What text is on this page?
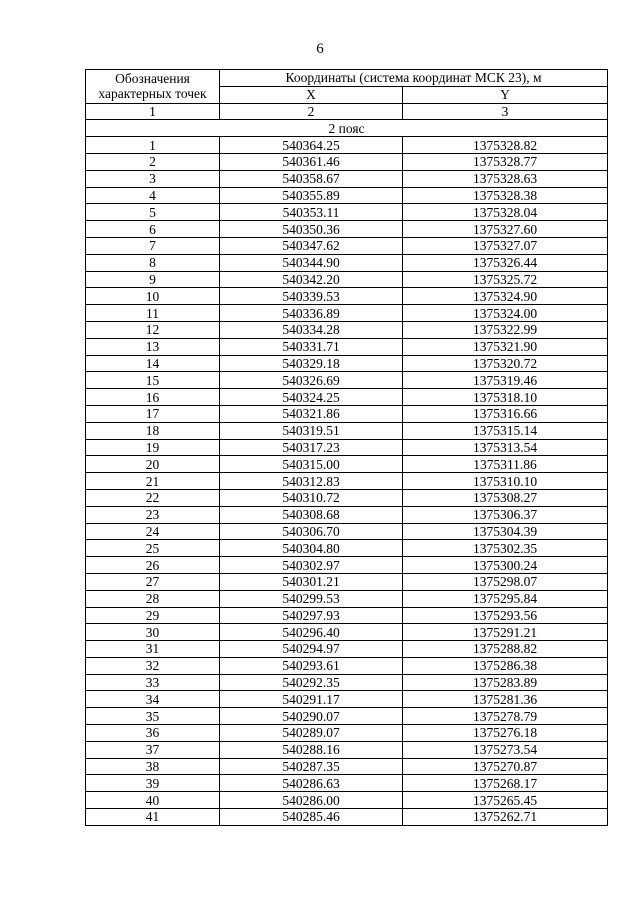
6
Обозначения характерных точек	Координаты (система координат МСК 23), м	
	X	Y
1	2	3
2 пояс		
1	540364.25	1375328.82
2	540361.46	1375328.77
3	540358.67	1375328.63
4	540355.89	1375328.38
5	540353.11	1375328.04
6	540350.36	1375327.60
7	540347.62	1375327.07
8	540344.90	1375326.44
9	540342.20	1375325.72
10	540339.53	1375324.90
11	540336.89	1375324.00
12	540334.28	1375322.99
13	540331.71	1375321.90
14	540329.18	1375320.72
15	540326.69	1375319.46
16	540324.25	1375318.10
17	540321.86	1375316.66
18	540319.51	1375315.14
19	540317.23	1375313.54
20	540315.00	1375311.86
21	540312.83	1375310.10
22	540310.72	1375308.27
23	540308.68	1375306.37
24	540306.70	1375304.39
25	540304.80	1375302.35
26	540302.97	1375300.24
27	540301.21	1375298.07
28	540299.53	1375295.84
29	540297.93	1375293.56
30	540296.40	1375291.21
31	540294.97	1375288.82
32	540293.61	1375286.38
33	540292.35	1375283.89
34	540291.17	1375281.36
35	540290.07	1375278.79
36	540289.07	1375276.18
37	540288.16	1375273.54
38	540287.35	1375270.87
39	540286.63	1375268.17
40	540286.00	1375265.45
41	540285.46	1375262.71
